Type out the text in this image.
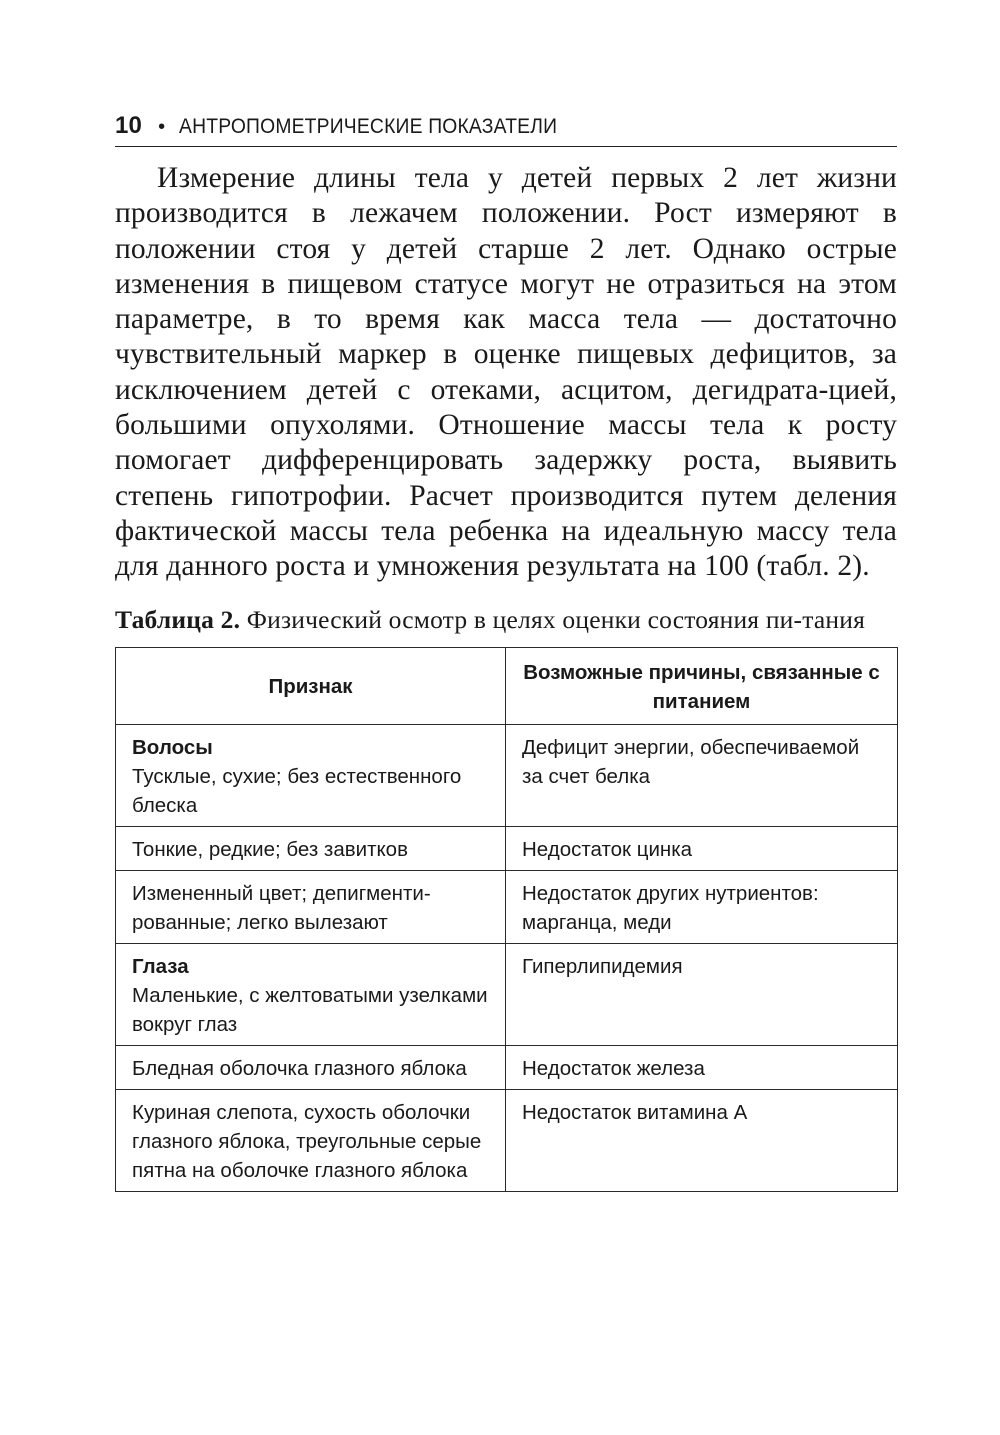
10 • АНТРОПОМЕТРИЧЕСКИЕ ПОКАЗАТЕЛИ

Измерение длины тела у детей первых 2 лет жизни производится в лежачем положении. Рост измеряют в положении стоя у детей старше 2 лет. Однако острые изменения в пищевом статусе могут не отразиться на этом параметре, в то время как масса тела — достаточно чувствительный маркер в оценке пищевых дефицитов, за исключением детей с отеками, асцитом, дегидрата-цией, большими опухолями. Отношение массы тела к росту помогает дифференцировать задержку роста, выявить степень гипотрофии. Расчет производится путем деления фактической массы тела ребенка на идеальную массу тела для данного роста и умножения результата на 100 (табл. 2).

Таблица 2. Физический осмотр в целях оценки состояния пи-тания

Признак	Возможные причины, связанные с питанием

Волосы
Тусклые, сухие; без естественного блеска	Дефицит энергии, обеспечиваемой за счет белка

Тонкие, редкие; без завитков	Недостаток цинка

Измененный цвет; депигменти-рованные; легко вылезают	Недостаток других нутриентов: марганца, меди

Глаза
Маленькие, с желтоватыми узелками вокруг глаз	Гиперлипидемия

Бледная оболочка глазного яблока	Недостаток железа

Куриная слепота, сухость оболочки глазного яблока, треугольные серые пятна на оболочке глазного яблока	Недостаток витамина А
